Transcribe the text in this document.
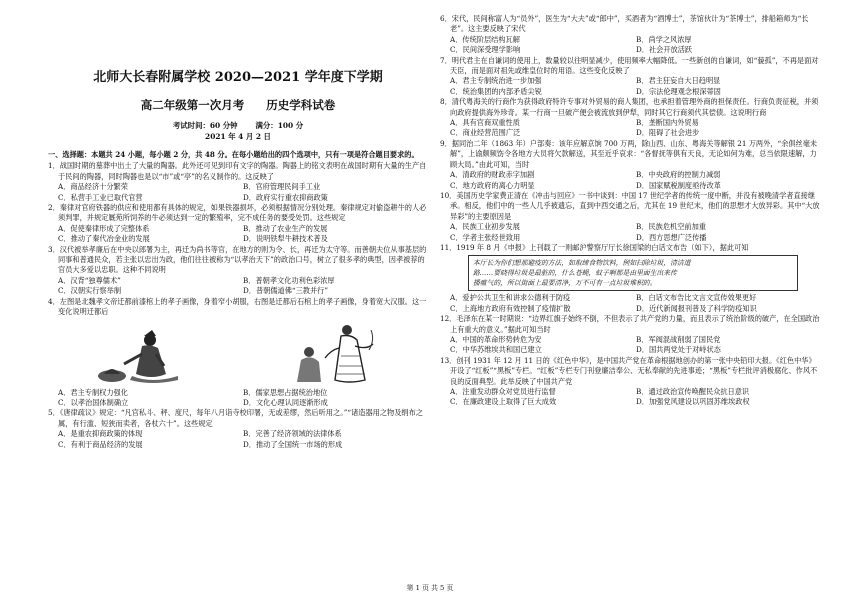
北师大长春附属学校 2020—2021 学年度下学期
高二年级第一次月考 历史学科试卷
考试时间：60 分钟 满分：100 分
2021 年 4 月 2 日
一、选择题：本题共 24 小题，每小题 2 分，共 48 分。在每小题给出的四个选项中，只有一项是符合题目要求的。
1．战国时期的墓葬中出土了大量的陶器。此外还可见到印有文字的陶器。陶器上的铭文表明在战国时期有大量的生产自于民间的陶器，同时陶器也是以“市”或“亭”的名义制作的。这反映了
A．商品经济十分繁荣	B．官府管理民间手工业
C．私营手工业已取代官营	D．政府实行重农抑商政策
2．秦律对官府铁器的供应和使用都有具体的规定，如果铁器损坏，必须根据情况分别处理。秦律规定对偷盗耕牛的人必须判罪，并规定厩苑所饲养的牛必须达到一定的繁殖率，完不成任务的要受处罚。这些规定
A．促使秦律形成了完整体系	B．推动了农业生产的发展
C．推动了秦代冶金业的发展	D．说明铁犁牛耕技术普及
3．汉代被举孝廉后在中央以郎署为主，再迁为尚书等官，在地方的则为令、长，再迁为太守等。而善朝夫位从事基层的同事和普通民众，若主张以忠出为政，他们往往被称为“以孝治天下”的政治口号，树立了很多孝的典型，因孝被荐的官员大多爱以忠职。这种不同说明
A．汉背“独尊儒术”	B．普朝孝文化功利色彩浓厚
C．汉朝实行察举制	D．普朝儒道佛“三教并行”
4．左图是北魏孝文帝迁都前漆棺上的孝子画像，身着窄小胡服，右图是迁都后石棺上的孝子画像，身着宽大汉服。这一变化说明迁都后
A．君主专制权力强化	B．儒家思想占据统治地位
C．以孝治国体制确立	D．文化心理认同逐渐形成
5．《唐律疏议》规定：“凡官私斗、秤、度尺，每年八月诣寺校印署，无或差缪，然后听用之。”“诸造器用之物及绢布之属，有行滥、短狭而卖者，各杖六十”。这些规定
A．是重农抑商政策的体现	B．完善了经济领域的法律体系
C．有利于商品经济的发展	D．推动了全国统一市场的形成
6．宋代，民间称富人为“员外”，医生为“大夫”或“郎中”，买酒者为“酒博士”，茶馆伙计为“茶博士”，排船箱师为“长老”。这主要反映了宋代
A．传统阶层结构瓦解	B．尚学之风浓厚
C．民间深受理学影响	D．社会开放活跃
7．明代君主在自谦词的使用上，数量较以往明显减少，使用频率大幅降低。一些新创的自谦词，如“藐孤”，不再是面对天臣，而是面对祖先或维皇位时的用语。这些变化反映了
A．君主专制统治进一步加强	B．君主狂妄自大日趋明显
C．统治集团的内部矛盾尖锐	D．宗法伦理观念根深蒂固
8．清代粤海关的行商作为获得政府特许专事对外贸易的商人集团，也承担着管理外商的担保责任。行商负责征税，并须向政府提供海外珍奇。某一行商一旦破产便会被流放到伊犁，同时其它行商须代其偿债。这说明行商
A．具有官商双重性质	B．垄断国内外贸易
C．商业经营范围广泛	D．阻碍了社会进步
9．据同治二年（1863 年）户部奏：该年应解京饷 700 万两，除山西、山东、粤海关等解银 21 万两外，“余俱丝毫未解”，上谕颇频饬令各地方大员将欠款解送，其至近乎哀求：“各督抚等俱有天良，无论如何为难，总当依限速解，力顾大局。”由此可知，当时
A．清政府的财政赤字加剧	B．中央政府的控制力减弱
C．地方政府的离心力明显	D．国家赋税制度亟待改革
10．美国历史学家费正清在《冲击与回应》一书中谈到：中国 17 世纪学者的传统一度中断，并没有被晚清学者直接继承。相反，他们中的一些人几乎被遗忘，直到中西交通之后，尤其在 19 世纪末，他们的思想才大放异彩。其中“大放异彩”的主要原因是
A．民族工业初步发展	B．民族危机空前加重
C．学者主张经世致用	D．西方思想广泛传播
11．1919 年 8 月《申报》上刊载了一则邮沪警察厅厅长徐国梁的白话文布告（如下），据此可知
本厅长为你们想那避疫的方法，如取缔食物饮料，例如扫除垃圾，清洁道
路……要晓得垃圾是最脏的，什么苍蝇，蚊子啊都是由里面生出来传
播瘟气的，所以街面上最要清净，万不可有一点垃圾堆积的。
A．爱护公共卫生和讲求公德利于防疫	B．白话文布告比文言文宣传效果更好
C．上海地方政府有效控制了疫情扩散	D．近代新闻报刊普及了科学防疫知识
12．毛泽东在某一时期说：“边界红旗子始终不倒，不但表示了共产党的力量，而且表示了统治阶级的破产，在全国政治上有重大的意义。”据此可知当时
A．中国的革命形势转危为安	B．军阀混战削弱了国民党
C．中华苏维埃共和国已建立	D．国共两党处于对峙状态
13．创刊 1931 年 12 月 11 日的《红色中华》，是中国共产党在革命根据地创办的第一张中央铅印大报。《红色中华》开设了“红板”“黑板”专栏。“红板”专栏专门刊登廉洁奉公、无私奉献的先进事迹；“黑板”专栏批评消极腐化、作风不良的反面典型。此举反映了中国共产党
A．注重发动群众对党员进行监督	B．通过政治宣传唤醒民众抗日意识
C．在廉政建设上取得了巨大成效	D．加强党风建设以巩固苏维埃政权
第 1 页 共 5 页
